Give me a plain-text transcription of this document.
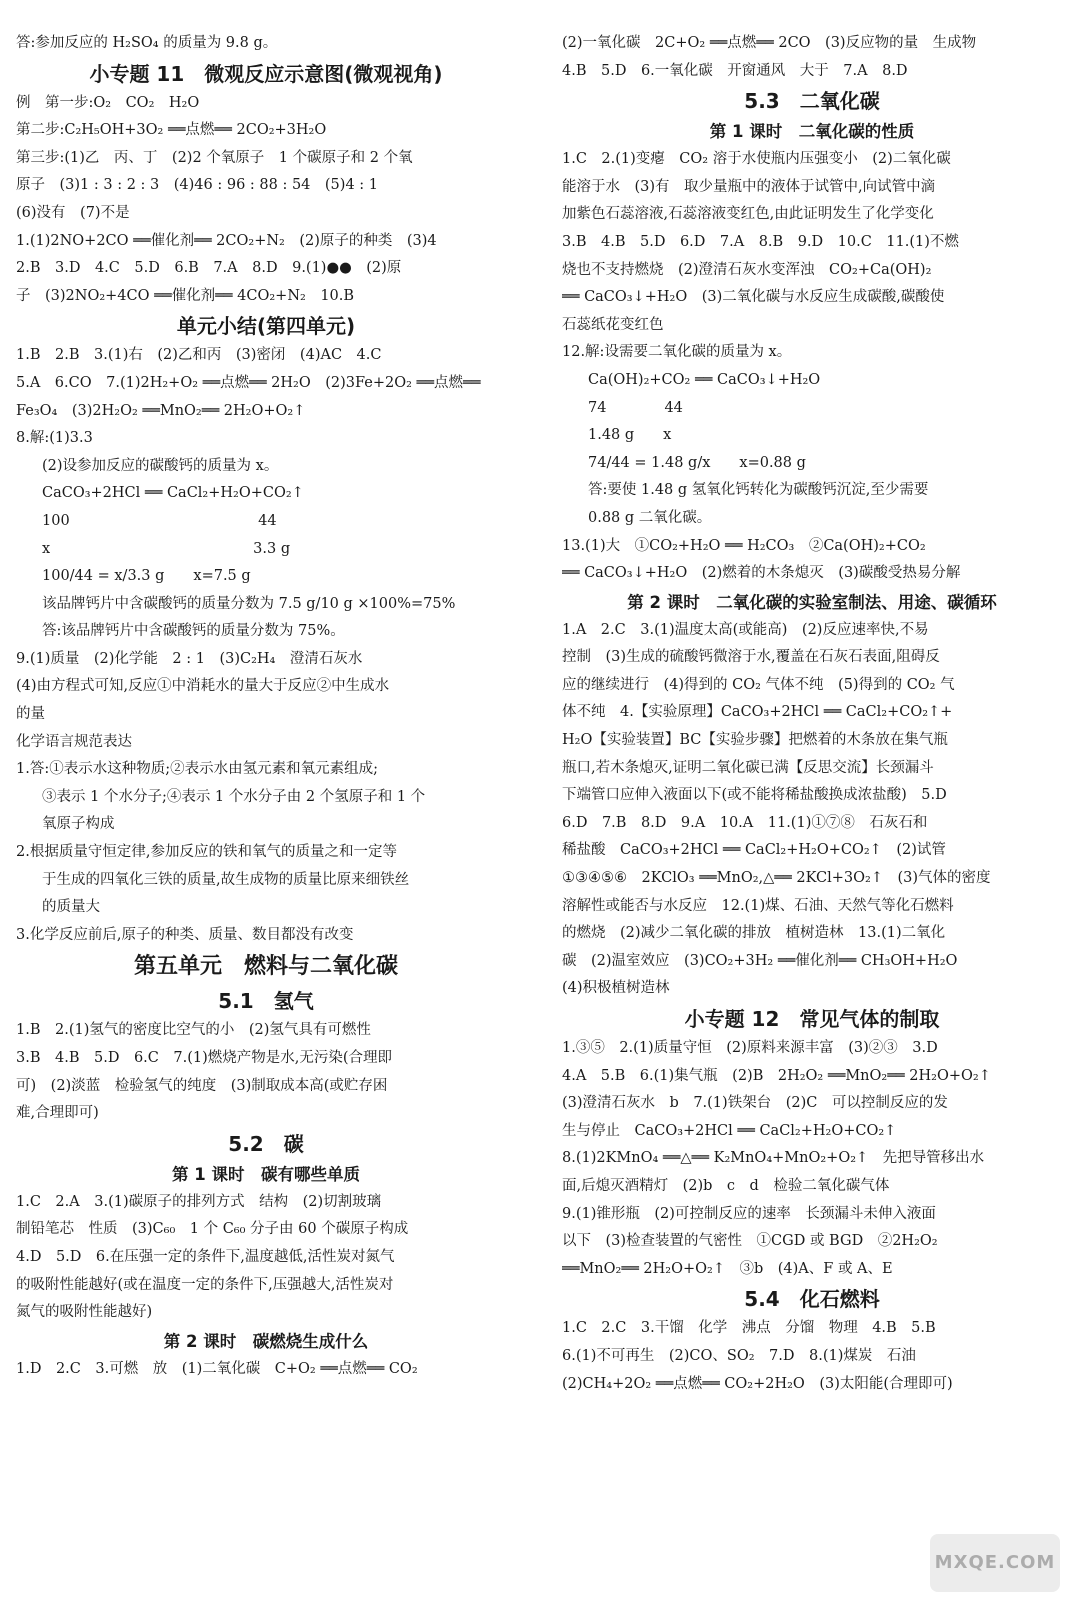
答:参加反应的 H₂SO₄ 的质量为 9.8 g。
小专题 11　微观反应示意图(微观视角)
例　第一步:O₂　CO₂　H₂O
第二步:C₂H₅OH+3O₂ ══点燃══ 2CO₂+3H₂O
第三步:(1)乙　丙、丁　(2)2 个氧原子　1 个碳原子和 2 个氧
原子　(3)1 : 3 : 2 : 3　(4)46 : 96 : 88 : 54　(5)4 : 1
(6)没有　(7)不是
1.(1)2NO+2CO ══催化剂══ 2CO₂+N₂　(2)原子的种类　(3)4
2.B　3.D　4.C　5.D　6.B　7.A　8.D　9.(1)●●　(2)原
子　(3)2NO₂+4CO ══催化剂══ 4CO₂+N₂　10.B
单元小结(第四单元)
1.B　2.B　3.(1)右　(2)乙和丙　(3)密闭　(4)AC　4.C
5.A　6.CO　7.(1)2H₂+O₂ ══点燃══ 2H₂O　(2)3Fe+2O₂ ══点燃══
Fe₃O₄　(3)2H₂O₂ ══MnO₂══ 2H₂O+O₂↑
8.解:(1)3.3
(2)设参加反应的碳酸钙的质量为 x。
CaCO₃+2HCl ══ CaCl₂+H₂O+CO₂↑
100　　　　　　　　　　　　　44
x　　　　　　　　　　　　　　3.3 g
100/44 = x/3.3 g　　x=7.5 g
该品牌钙片中含碳酸钙的质量分数为 7.5 g/10 g ×100%=75%
答:该品牌钙片中含碳酸钙的质量分数为 75%。
9.(1)质量　(2)化学能　2 : 1　(3)C₂H₄　澄清石灰水
(4)由方程式可知,反应①中消耗水的量大于反应②中生成水
的量
化学语言规范表达
1.答:①表示水这种物质;②表示水由氢元素和氧元素组成;
③表示 1 个水分子;④表示 1 个水分子由 2 个氢原子和 1 个
氧原子构成
2.根据质量守恒定律,参加反应的铁和氧气的质量之和一定等
于生成的四氧化三铁的质量,故生成物的质量比原来细铁丝
的质量大
3.化学反应前后,原子的种类、质量、数目都没有改变
第五单元　燃料与二氧化碳
5.1　氢气
1.B　2.(1)氢气的密度比空气的小　(2)氢气具有可燃性
3.B　4.B　5.D　6.C　7.(1)燃烧产物是水,无污染(合理即
可)　(2)淡蓝　检验氢气的纯度　(3)制取成本高(或贮存困
难,合理即可)
5.2　碳
第 1 课时　碳有哪些单质
1.C　2.A　3.(1)碳原子的排列方式　结构　(2)切割玻璃
制铅笔芯　性质　(3)C₆₀　1 个 C₆₀ 分子由 60 个碳原子构成
4.D　5.D　6.在压强一定的条件下,温度越低,活性炭对氮气
的吸附性能越好(或在温度一定的条件下,压强越大,活性炭对
氮气的吸附性能越好)
第 2 课时　碳燃烧生成什么
1.D　2.C　3.可燃　放　(1)二氧化碳　C+O₂ ══点燃══ CO₂
(2)一氧化碳　2C+O₂ ══点燃══ 2CO　(3)反应物的量　生成物
4.B　5.D　6.一氧化碳　开窗通风　大于　7.A　8.D
5.3　二氧化碳
第 1 课时　二氧化碳的性质
1.C　2.(1)变瘪　CO₂ 溶于水使瓶内压强变小　(2)二氧化碳
能溶于水　(3)有　取少量瓶中的液体于试管中,向试管中滴
加紫色石蕊溶液,石蕊溶液变红色,由此证明发生了化学变化
3.B　4.B　5.D　6.D　7.A　8.B　9.D　10.C　11.(1)不燃
烧也不支持燃烧　(2)澄清石灰水变浑浊　CO₂+Ca(OH)₂
══ CaCO₃↓+H₂O　(3)二氧化碳与水反应生成碳酸,碳酸使
石蕊纸花变红色
12.解:设需要二氧化碳的质量为 x。
Ca(OH)₂+CO₂ ══ CaCO₃↓+H₂O
74　　　　44
1.48 g　　x
74/44 = 1.48 g/x　　x=0.88 g
答:要使 1.48 g 氢氧化钙转化为碳酸钙沉淀,至少需要
0.88 g 二氧化碳。
13.(1)大　①CO₂+H₂O ══ H₂CO₃　②Ca(OH)₂+CO₂
══ CaCO₃↓+H₂O　(2)燃着的木条熄灭　(3)碳酸受热易分解
第 2 课时　二氧化碳的实验室制法、用途、碳循环
1.A　2.C　3.(1)温度太高(或能高)　(2)反应速率快,不易
控制　(3)生成的硫酸钙微溶于水,覆盖在石灰石表面,阻碍反
应的继续进行　(4)得到的 CO₂ 气体不纯　(5)得到的 CO₂ 气
体不纯　4.【实验原理】CaCO₃+2HCl ══ CaCl₂+CO₂↑+
H₂O【实验装置】BC【实验步骤】把燃着的木条放在集气瓶
瓶口,若木条熄灭,证明二氧化碳已满【反思交流】长颈漏斗
下端管口应伸入液面以下(或不能将稀盐酸换成浓盐酸)　5.D
6.D　7.B　8.D　9.A　10.A　11.(1)①⑦⑧　石灰石和
稀盐酸　CaCO₃+2HCl ══ CaCl₂+H₂O+CO₂↑　(2)试管
①③④⑤⑥　2KClO₃ ══MnO₂,△══ 2KCl+3O₂↑　(3)气体的密度
溶解性或能否与水反应　12.(1)煤、石油、天然气等化石燃料
的燃烧　(2)减少二氧化碳的排放　植树造林　13.(1)二氧化
碳　(2)温室效应　(3)CO₂+3H₂ ══催化剂══ CH₃OH+H₂O
(4)积极植树造林
小专题 12　常见气体的制取
1.③⑤　2.(1)质量守恒　(2)原料来源丰富　(3)②③　3.D
4.A　5.B　6.(1)集气瓶　(2)B　2H₂O₂ ══MnO₂══ 2H₂O+O₂↑
(3)澄清石灰水　b　7.(1)铁架台　(2)C　可以控制反应的发
生与停止　CaCO₃+2HCl ══ CaCl₂+H₂O+CO₂↑
8.(1)2KMnO₄ ══△══ K₂MnO₄+MnO₂+O₂↑　先把导管移出水
面,后熄灭酒精灯　(2)b　c　d　检验二氧化碳气体
9.(1)锥形瓶　(2)可控制反应的速率　长颈漏斗未伸入液面
以下　(3)检查装置的气密性　①CGD 或 BGD　②2H₂O₂
══MnO₂══ 2H₂O+O₂↑　③b　(4)A、F 或 A、E
5.4　化石燃料
1.C　2.C　3.干馏　化学　沸点　分馏　物理　4.B　5.B
6.(1)不可再生　(2)CO、SO₂　7.D　8.(1)煤炭　石油
(2)CH₄+2O₂ ══点燃══ CO₂+2H₂O　(3)太阳能(合理即可)
MXQE.COM
